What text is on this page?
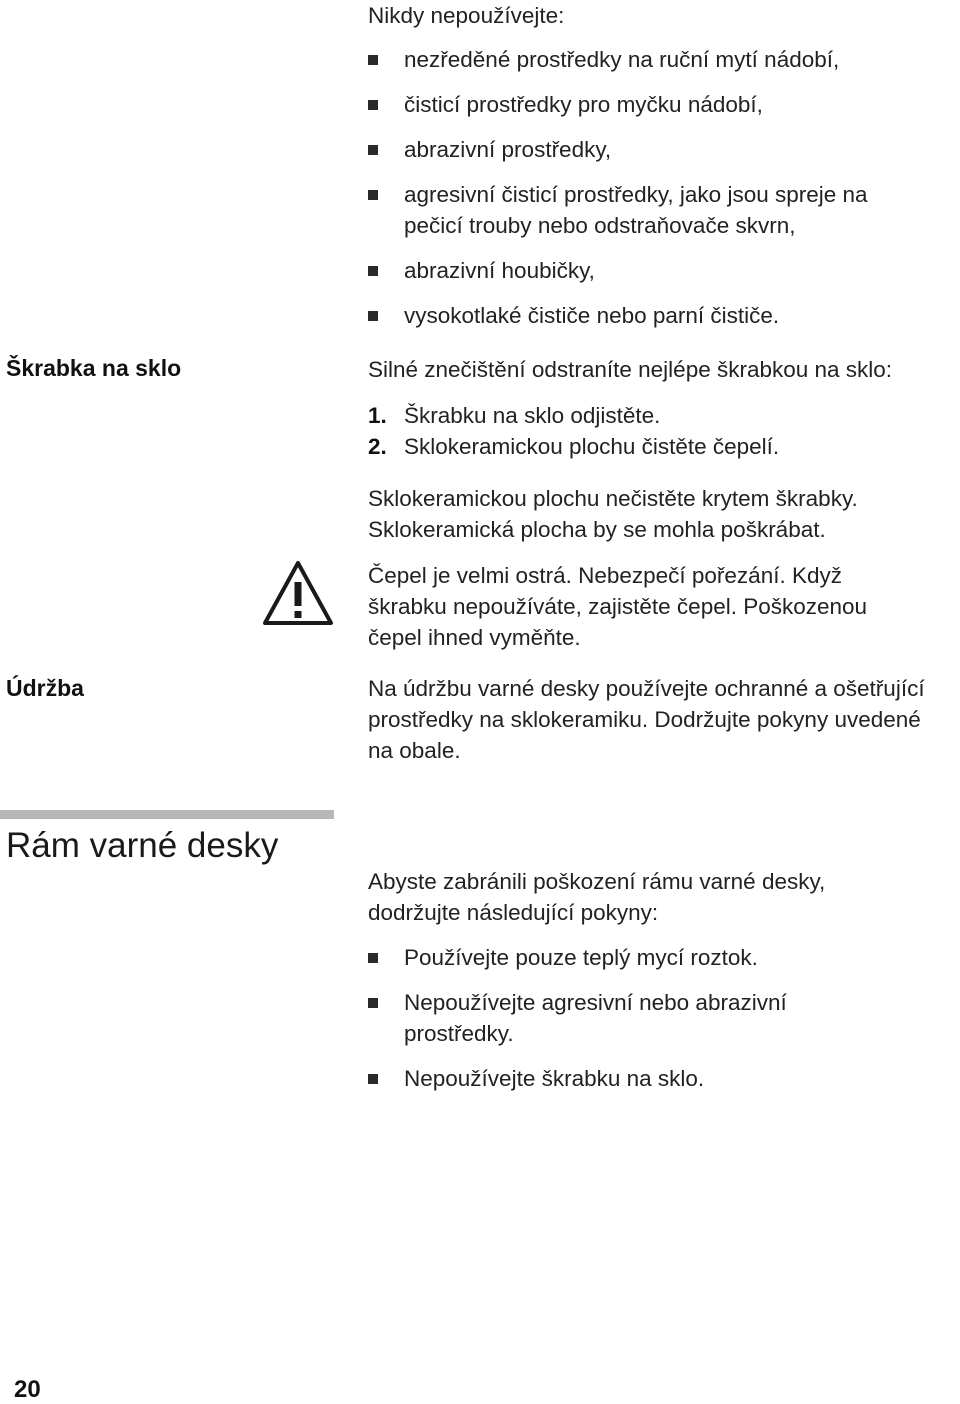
Nikdy nepoužívejte:
nezředěné prostředky na ruční mytí nádobí,
čisticí prostředky pro myčku nádobí,
abrazivní prostředky,
agresivní čisticí prostředky, jako jsou spreje na pečicí trouby nebo odstraňovače skvrn,
abrazivní houbičky,
vysokotlaké čističe nebo parní čističe.
Škrabka na sklo	Silné znečištění odstraníte nejlépe škrabkou na sklo:
1. Škrabku na sklo odjistěte.
2. Sklokeramickou plochu čistěte čepelí.
Sklokeramickou plochu nečistěte krytem škrabky. Sklokeramická plocha by se mohla poškrábat.
Čepel je velmi ostrá. Nebezpečí pořezání. Když škrabku nepoužíváte, zajistěte čepel. Poškozenou čepel ihned vyměňte.
Údržba	Na údržbu varné desky používejte ochranné a ošetřující prostředky na sklokeramiku. Dodržujte pokyny uvedené na obale.
Rám varné desky
Abyste zabránili poškození rámu varné desky, dodržujte následující pokyny:
Používejte pouze teplý mycí roztok.
Nepoužívejte agresivní nebo abrazivní prostředky.
Nepoužívejte škrabku na sklo.
20
